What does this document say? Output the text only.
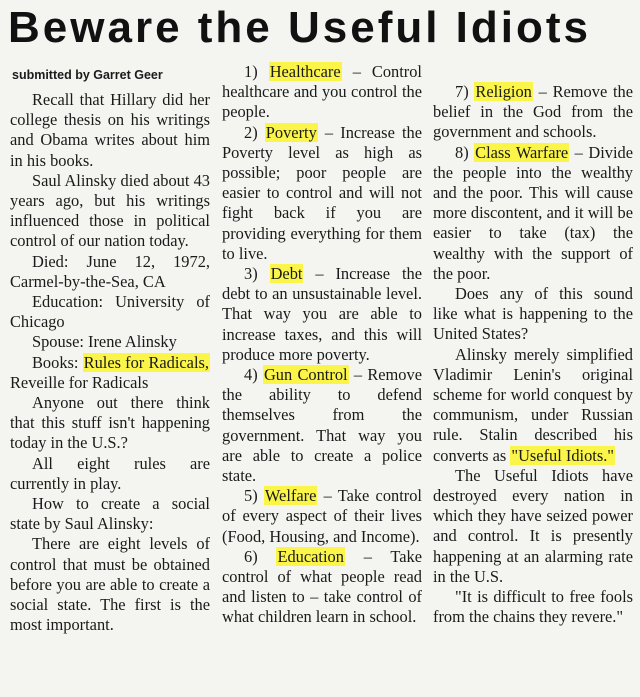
Beware the Useful Idiots
submitted by Garret Geer

Recall that Hillary did her college thesis on his writings and Obama writes about him in his books.

Saul Alinsky died about 43 years ago, but his writings influenced those in political control of our nation today.

Died: June 12, 1972, Carmel-by-the-Sea, CA

Education: University of Chicago

Spouse: Irene Alinsky

Books: Rules for Radicals, Reveille for Radicals

Anyone out there think that this stuff isn't happening today in the U.S.?

All eight rules are currently in play.

How to create a social state by Saul Alinsky:

There are eight levels of control that must be obtained before you are able to create a social state. The first is the most important.

1) Healthcare – Control healthcare and you control the people.

2) Poverty – Increase the Poverty level as high as possible; poor people are easier to control and will not fight back if you are providing everything for them to live.

3) Debt – Increase the debt to an unsustainable level. That way you are able to increase taxes, and this will produce more poverty.

4) Gun Control – Remove the ability to defend themselves from the government. That way you are able to create a police state.

5) Welfare – Take control of every aspect of their lives (Food, Housing, and Income).

6) Education – Take control of what people read and listen to – take control of what children learn in school.

7) Religion – Remove the belief in the God from the government and schools.

8) Class Warfare – Divide the people into the wealthy and the poor. This will cause more discontent, and it will be easier to take (tax) the wealthy with the support of the poor.

Does any of this sound like what is happening to the United States?

Alinsky merely simplified Vladimir Lenin's original scheme for world conquest by communism, under Russian rule. Stalin described his converts as "Useful Idiots."

The Useful Idiots have destroyed every nation in which they have seized power and control. It is presently happening at an alarming rate in the U.S.

"It is difficult to free fools from the chains they revere."
